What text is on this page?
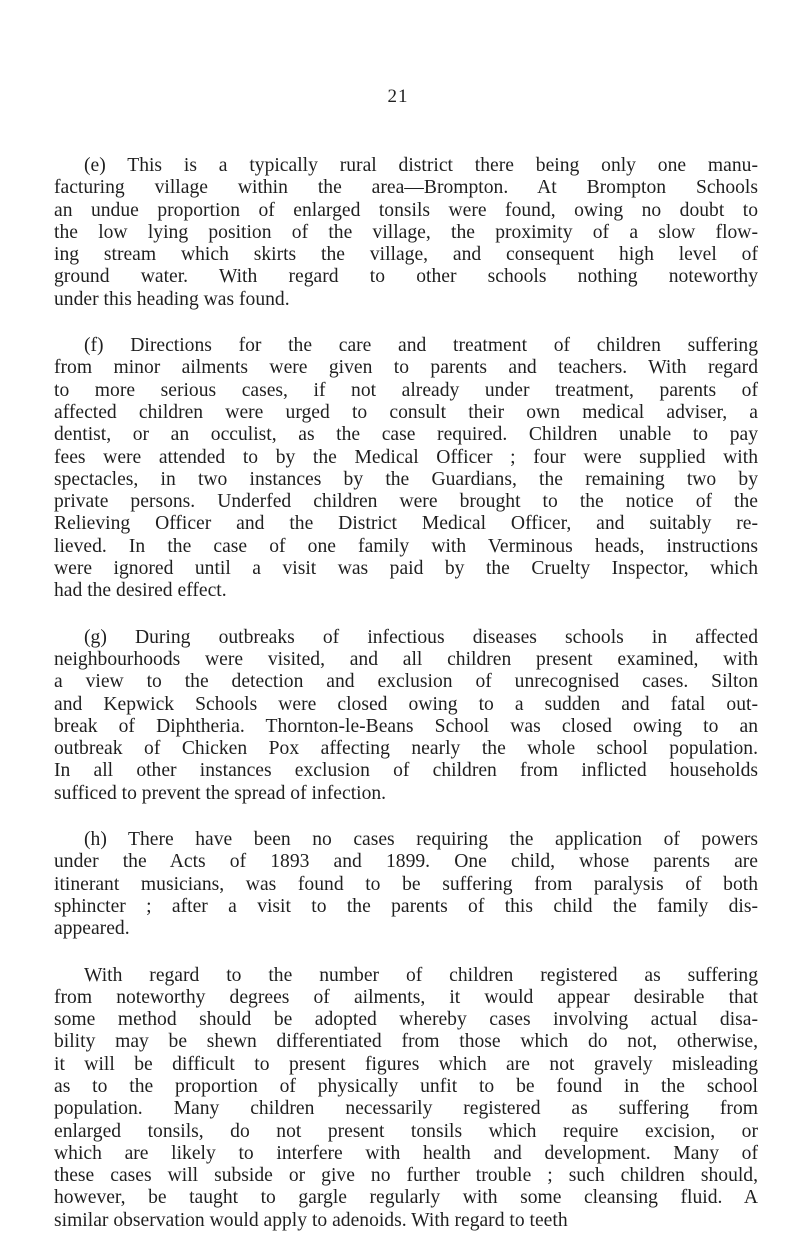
21
(e) This is a typically rural district there being only one manu-
facturing village within the area—Brompton. At Brompton Schools
an undue proportion of enlarged tonsils were found, owing no doubt to
the low lying position of the village, the proximity of a slow flow-
ing stream which skirts the village, and consequent high level of
ground water. With regard to other schools nothing noteworthy
under this heading was found.
(f) Directions for the care and treatment of children suffering
from minor ailments were given to parents and teachers. With regard
to more serious cases, if not already under treatment, parents of
affected children were urged to consult their own medical adviser, a
dentist, or an occulist, as the case required. Children unable to pay
fees were attended to by the Medical Officer ; four were supplied with
spectacles, in two instances by the Guardians, the remaining two by
private persons. Underfed children were brought to the notice of the
Relieving Officer and the District Medical Officer, and suitably re-
lieved. In the case of one family with Verminous heads, instructions
were ignored until a visit was paid by the Cruelty Inspector, which
had the desired effect.
(g) During outbreaks of infectious diseases schools in affected
neighbourhoods were visited, and all children present examined, with
a view to the detection and exclusion of unrecognised cases. Silton
and Kepwick Schools were closed owing to a sudden and fatal out-
break of Diphtheria. Thornton-le-Beans School was closed owing to an
outbreak of Chicken Pox affecting nearly the whole school population.
In all other instances exclusion of children from inflicted households
sufficed to prevent the spread of infection.
(h) There have been no cases requiring the application of powers
under the Acts of 1893 and 1899. One child, whose parents are
itinerant musicians, was found to be suffering from paralysis of both
sphincter ; after a visit to the parents of this child the family dis-
appeared.
With regard to the number of children registered as suffering
from noteworthy degrees of ailments, it would appear desirable that
some method should be adopted whereby cases involving actual disa-
bility may be shewn differentiated from those which do not, otherwise,
it will be difficult to present figures which are not gravely misleading
as to the proportion of physically unfit to be found in the school
population. Many children necessarily registered as suffering from
enlarged tonsils, do not present tonsils which require excision, or
which are likely to interfere with health and development. Many of
these cases will subside or give no further trouble ; such children should,
however, be taught to gargle regularly with some cleansing fluid. A
similar observation would apply to adenoids. With regard to teeth
